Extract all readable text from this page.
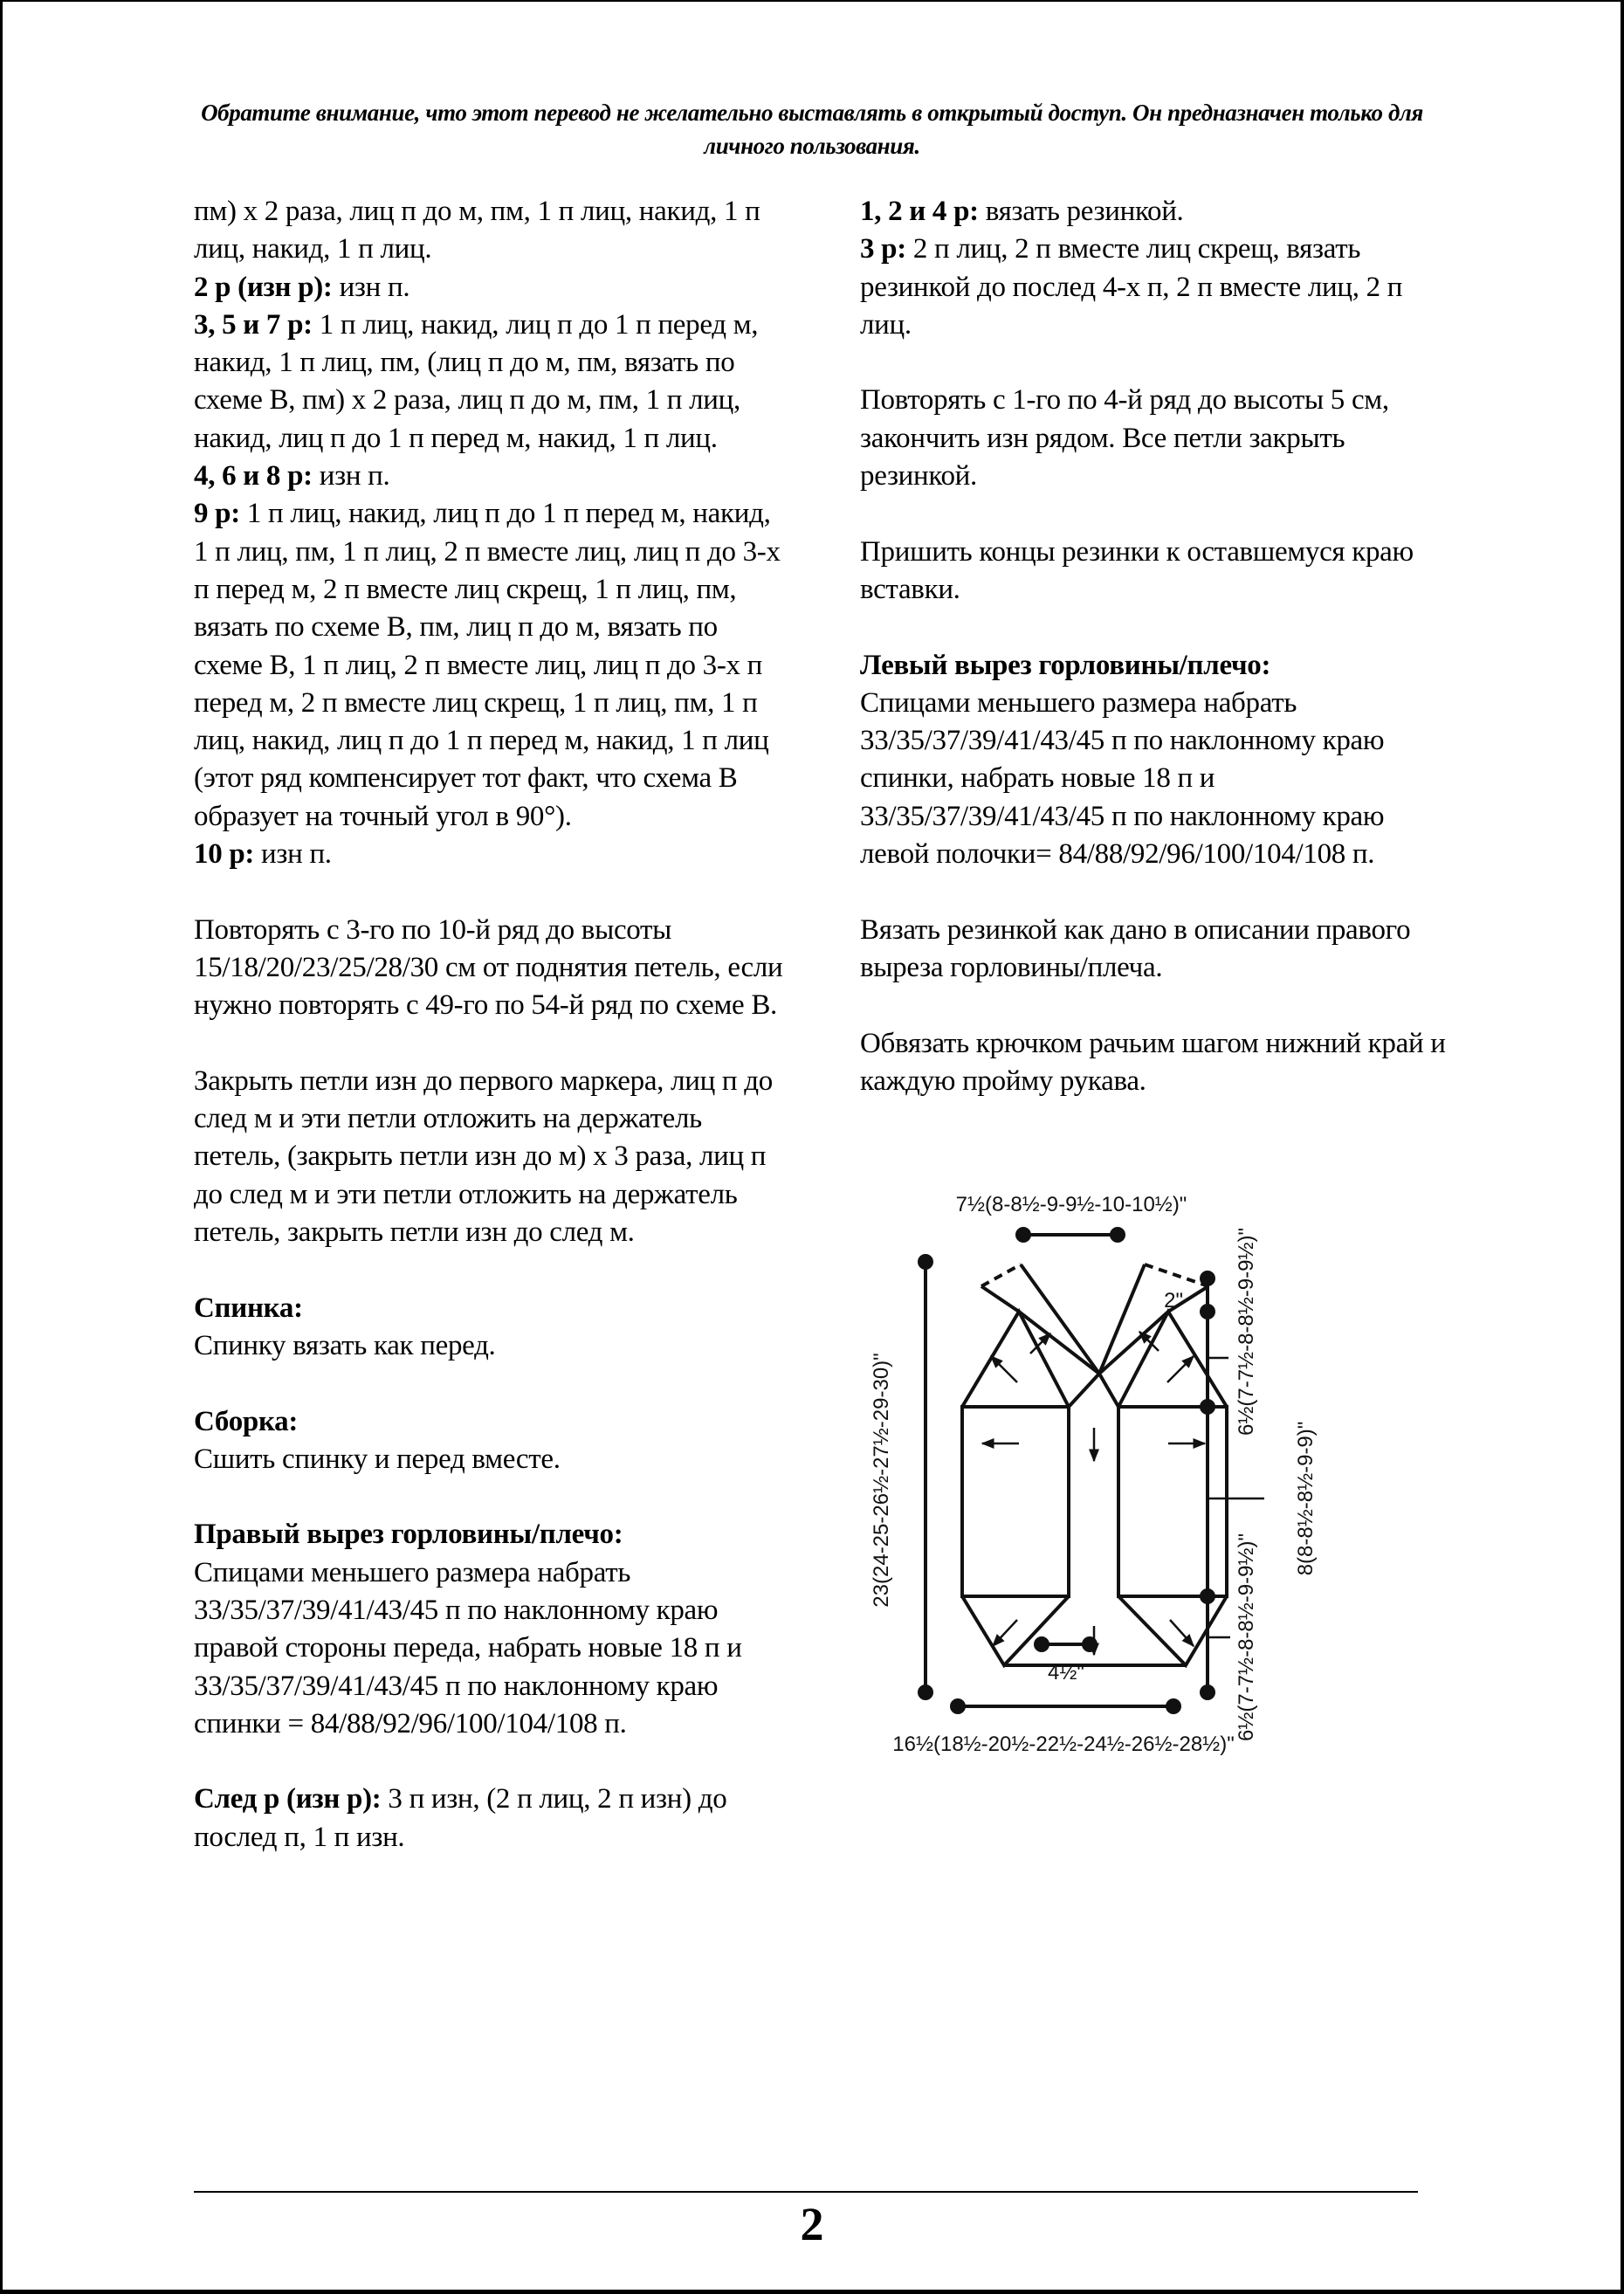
Обратите внимание, что этот перевод не желательно выставлять в открытый доступ. Он предназначен только для личного пользования.

пм) х 2 раза, лиц п до м, пм, 1 п лиц, накид, 1 п лиц, накид, 1 п лиц.

2 р (изн р): изн п.

3, 5 и 7 р: 1 п лиц, накид, лиц п до 1 п перед м, накид, 1 п лиц, пм, (лиц п до м, пм, вязать по схеме В, пм) х 2 раза, лиц п до м, пм, 1 п лиц, накид, лиц п до 1 п перед м, накид, 1 п лиц.

4, 6 и 8 р: изн п.

9 р: 1 п лиц, накид, лиц п до 1 п перед м, накид, 1 п лиц, пм, 1 п лиц, 2 п вместе лиц, лиц п до 3-х п перед м, 2 п вместе лиц скрещ, 1 п лиц, пм, вязать по схеме В, пм, лиц п до м, вязать по схеме В, 1 п лиц, 2 п вместе лиц, лиц п до 3-х п перед м, 2 п вместе лиц скрещ, 1 п лиц, пм, 1 п лиц, накид, лиц п до 1 п перед м, накид, 1 п лиц (этот ряд компенсирует тот факт, что схема В образует на точный угол в 90°).

10 р: изн п.

Повторять с 3-го по 10-й ряд до высоты 15/18/20/23/25/28/30 см от поднятия петель, если нужно повторять с 49-го по 54-й ряд по схеме В.

Закрыть петли изн до первого маркера, лиц п до след м и эти петли отложить на держатель петель, (закрыть петли изн до м) х 3 раза, лиц п до след м и эти петли отложить на держатель петель, закрыть петли изн до след м.

Спинка:

Спинку вязать как перед.

Сборка:

Сшить спинку и перед вместе.

Правый вырез горловины/плечо:

Спицами меньшего размера набрать 33/35/37/39/41/43/45 п по наклонному краю правой стороны переда, набрать новые 18 п и 33/35/37/39/41/43/45 п по наклонному краю спинки = 84/88/92/96/100/104/108 п.

След р (изн р): 3 п изн, (2 п лиц, 2 п изн) до послед п, 1 п изн.

1, 2 и 4 р: вязать резинкой.

3 р: 2 п лиц, 2 п вместе лиц скрещ, вязать резинкой до послед 4-х п, 2 п вместе лиц, 2 п лиц.

Повторять с 1-го по 4-й ряд до высоты 5 см, закончить изн рядом. Все петли закрыть резинкой.

Пришить концы резинки к оставшемуся краю вставки.

Левый вырез горловины/плечо:

Спицами меньшего размера набрать 33/35/37/39/41/43/45 п по наклонному краю спинки, набрать новые 18 п и 33/35/37/39/41/43/45 п по наклонному краю левой полочки= 84/88/92/96/100/104/108 п.

Вязать резинкой как дано в описании правого выреза горловины/плеча.

Обвязать крючком рачьим шагом нижний край и каждую пройму рукава.

7½(8-8½-9-9½-10-10½)"
23(24-25-26½-27½-29-30)"
2" 6½(7-7½-8-8½-9-9½)"
8(8-8½-8½-9-9)"
6½(7-7½-8-8½-9-9½)"
4½"
16½(18½-20½-22½-24½-26½-28½)"
2
